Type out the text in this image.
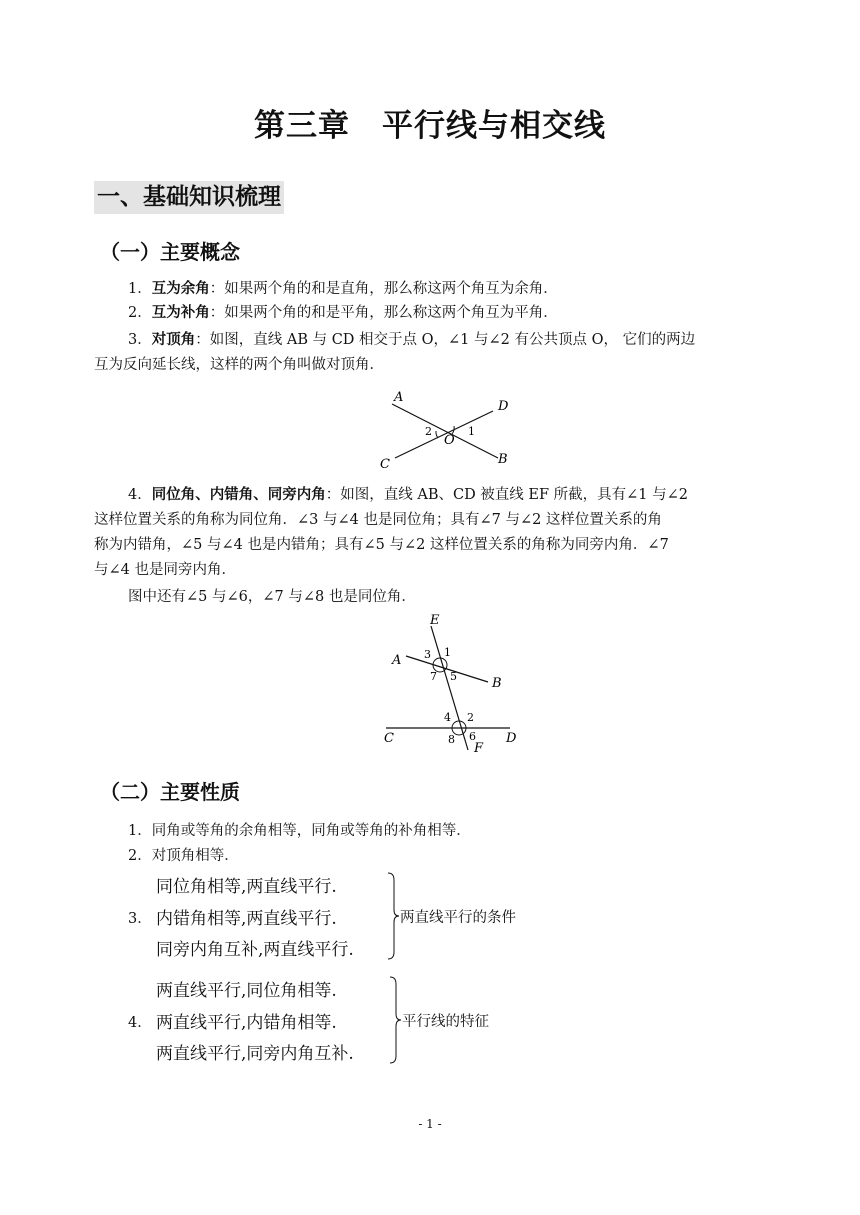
第三章　平行线与相交线
一、基础知识梳理
（一）主要概念
1．互为余角：如果两个角的和是直角，那么称这两个角互为余角．
2．互为补角：如果两个角的和是平角，那么称这两个角互为平角．
3．对顶角：如图，直线 AB 与 CD 相交于点 O，∠1 与∠2 有公共顶点 O， 它们的两边
互为反向延长线，这样的两个角叫做对顶角．
A
D
C	B
O
1
2
4．同位角、内错角、同旁内角：如图，直线 AB、CD 被直线 EF 所截，具有∠1 与∠2
这样位置关系的角称为同位角．∠3 与∠4 也是同位角；具有∠7 与∠2 这样位置关系的角
称为内错角，∠5 与∠4 也是内错角；具有∠5 与∠2 这样位置关系的角称为同旁内角．∠7
与∠4 也是同旁内角．
图中还有∠5 与∠6，∠7 与∠8 也是同位角．
E
A
B
C	D
F
1
3
7 5
2
4
8 6
（二）主要性质
1．同角或等角的余角相等，同角或等角的补角相等．
2．对顶角相等．
同位角相等,两直线平行.
3． 内错角相等,两直线平行.
同旁内角互补,两直线平行.
两直线平行的条件
两直线平行,同位角相等.
4． 两直线平行,内错角相等.
两直线平行,同旁内角互补.
平行线的特征
- 1 -
